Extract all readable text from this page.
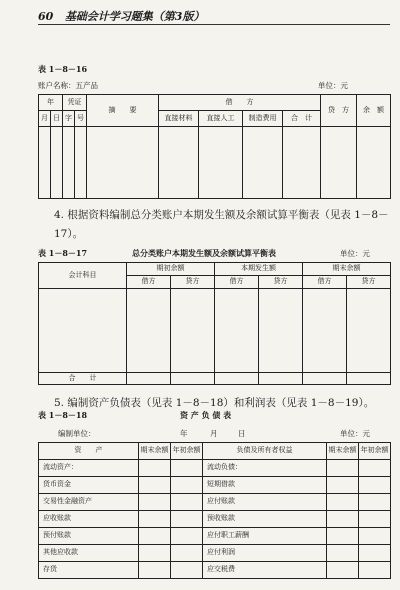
60 基础会计学习题集（第3版）
表 1－8－16
账户名称：五产品	单位：元
年		凭证		摘　　要	借　　方				贷　方	余　额
月	日	字	号		直接材料	直接人工	制造费用	合　计		

4. 根据资料编制总分类账户本期发生额及余额试算平衡表（见表 1－8－17）。
表 1－8－17	总分类账户本期发生额及余额试算平衡表	单位：元
会计科目	期初余额		本期发生额		期末余额	
	借方	贷方	借方	贷方	借方	贷方

合　　计						
5. 编制资产负债表（见表 1－8－18）和利润表（见表 1－8－19）。
表 1－8－18	资 产 负 债 表
编制单位：	年	月	日	单位：元
资　　产	期末余额	年初余额	负债及所有者权益	期末余额	年初余额
流动资产：			流动负债：		
货币资金			短期借款		
交易性金融资产			应付账款		
应收账款			预收账款		
预付账款			应付职工薪酬		
其他应收款			应付利润		
存货			应交税费		
